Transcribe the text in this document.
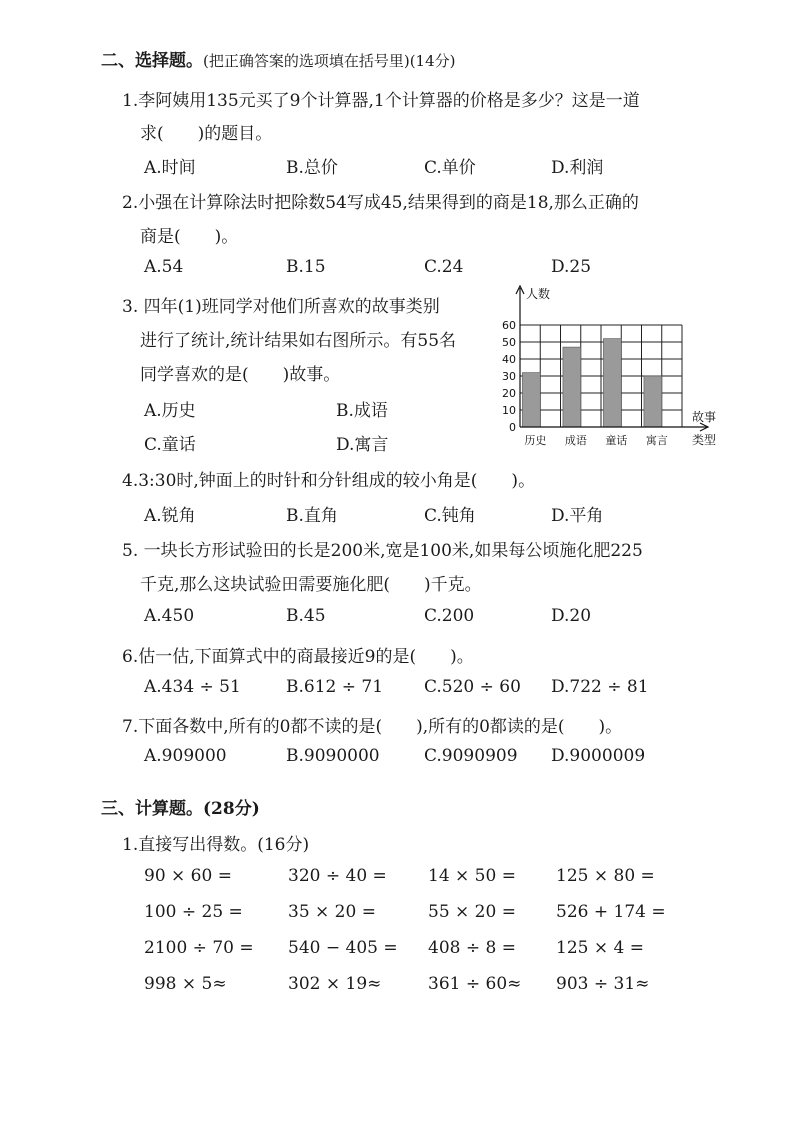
二、选择题。(把正确答案的选项填在括号里)(14分)
1.李阿姨用135元买了9个计算器,1个计算器的价格是多少？这是一道
求(　　)的题目。
A.时间	B.总价	C.单价	D.利润
2.小强在计算除法时把除数54写成45,结果得到的商是18,那么正确的
商是(　　)。
A.54	B.15	C.24	D.25
3. 四年(1)班同学对他们所喜欢的故事类别
进行了统计,统计结果如右图所示。有55名
同学喜欢的是(　　)故事。
A.历史	B.成语
C.童话	D.寓言
0
10
20
30
40
50
60
历史 成语 童话 寓言
人数
故事
类型
4.3:30时,钟面上的时针和分针组成的较小角是(　　)。
A.锐角	B.直角	C.钝角	D.平角
5. 一块长方形试验田的长是200米,宽是100米,如果每公顷施化肥225
千克,那么这块试验田需要施化肥(　　)千克。
A.450	B.45	C.200	D.20
6.估一估,下面算式中的商最接近9的是(　　)。
A.434 ÷ 51	B.612 ÷ 71 C.520 ÷ 60 D.722 ÷ 81
7.下面各数中,所有的0都不读的是(　　),所有的0都读的是(　　)。
A.909000	B.9090000	C.9090909 D.9000009
三、计算题。(28分)
1.直接写出得数。(16分)
90 × 60 =	320 ÷ 40 = 14 × 50 = 125 × 80 =
100 ÷ 25 =	35 × 20 =	55 × 20 = 526 + 174 =
2100 ÷ 70 = 540 − 405 = 408 ÷ 8 = 125 × 4 =
998 × 5≈	302 × 19≈	361 ÷ 60≈ 903 ÷ 31≈
